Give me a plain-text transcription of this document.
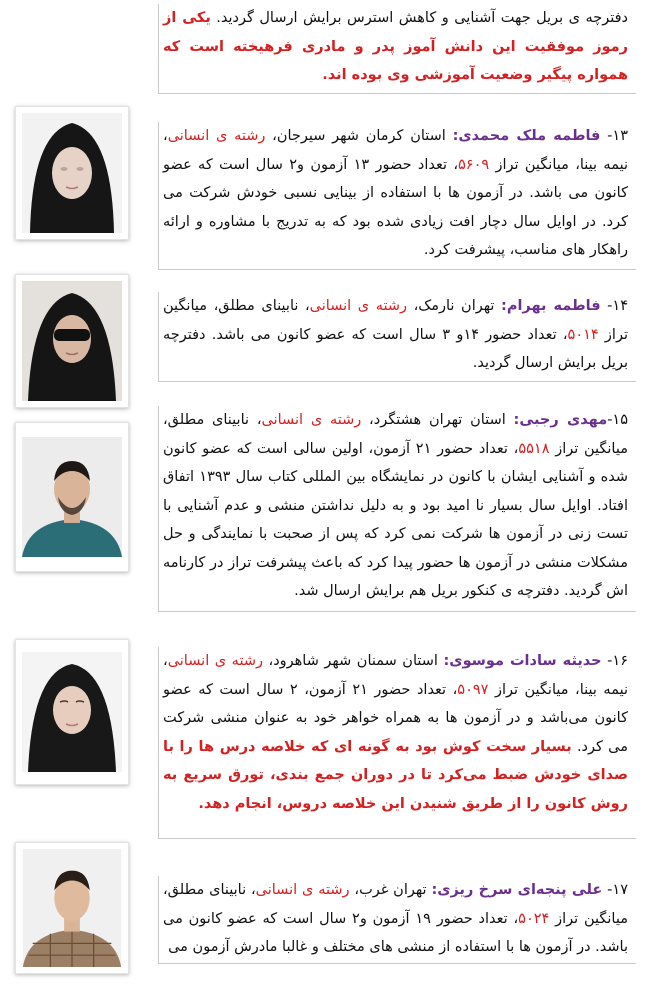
دفترچه ی بریل جهت آشنایی و کاهش استرس برایش ارسال گردید. یکی از رموز موفقیت این دانش آموز پدر و مادری فرهیخته است که همواره پیگیر وضعیت آموزشی وی بوده اند.
۱۳- فاطمه ملک محمدی: استان کرمان شهر سیرجان، رشته ی انسانی، نیمه بینا، میانگین تراز ۵۶۰۹، تعداد حضور ۱۳ آزمون و۲ سال است که عضو کانون می باشد. در آزمون ها با استفاده از بینایی نسبی خودش شرکت می کرد. در اوایل سال دچار افت زیادی شده بود که به تدریج با مشاوره و ارائه راهکار های مناسب، پیشرفت کرد.
۱۴- فاطمه بهرام: تهران نارمک، رشته ی انسانی، نابینای مطلق، میانگین تراز ۵۰۱۴، تعداد حضور ۱۴و ۳ سال است که عضو کانون می باشد. دفترچه بریل برایش ارسال گردید.
۱۵-مهدی رجبی: استان تهران هشتگرد، رشته ی انسانی، نابینای مطلق، میانگین تراز ۵۵۱۸، تعداد حضور ۲۱ آزمون، اولین سالی است که عضو کانون شده و آشنایی ایشان با کانون در نمایشگاه بین المللی کتاب سال ۱۳۹۳ اتفاق افتاد. اوایل سال بسیار نا امید بود و به دلیل نداشتن منشی و عدم آشنایی با تست زنی در آزمون ها شرکت نمی کرد که پس از صحبت با نمایندگی و حل مشکلات منشی در آزمون ها حضور پیدا کرد که باعث پیشرفت تراز در کارنامه اش گردید. دفترچه ی کنکور بریل هم برایش ارسال شد.
۱۶- حدیثه سادات موسوی: استان سمنان شهر شاهرود، رشته ی انسانی، نیمه بینا، میانگین تراز ۵۰۹۷، تعداد حضور ۲۱ آزمون، ۲ سال است که عضو کانون می‌باشد و در آزمون ها به همراه خواهر خود به عنوان منشی شرکت می کرد. بسیار سخت کوش بود به گونه ای که خلاصه درس ها را با صدای خودش ضبط می‌کرد تا در دوران جمع بندی، تورق سریع به روش کانون را از طریق شنیدن این خلاصه دروس، انجام دهد.
۱۷- علی پنجه‌ای سرخ ریزی: تهران غرب، رشته ی انسانی، نابینای مطلق، میانگین تراز ۵۰۲۴، تعداد حضور ۱۹ آزمون و۲ سال است که عضو کانون می باشد. در آزمون ها با استفاده از منشی های مختلف و غالبا مادرش آزمون می
